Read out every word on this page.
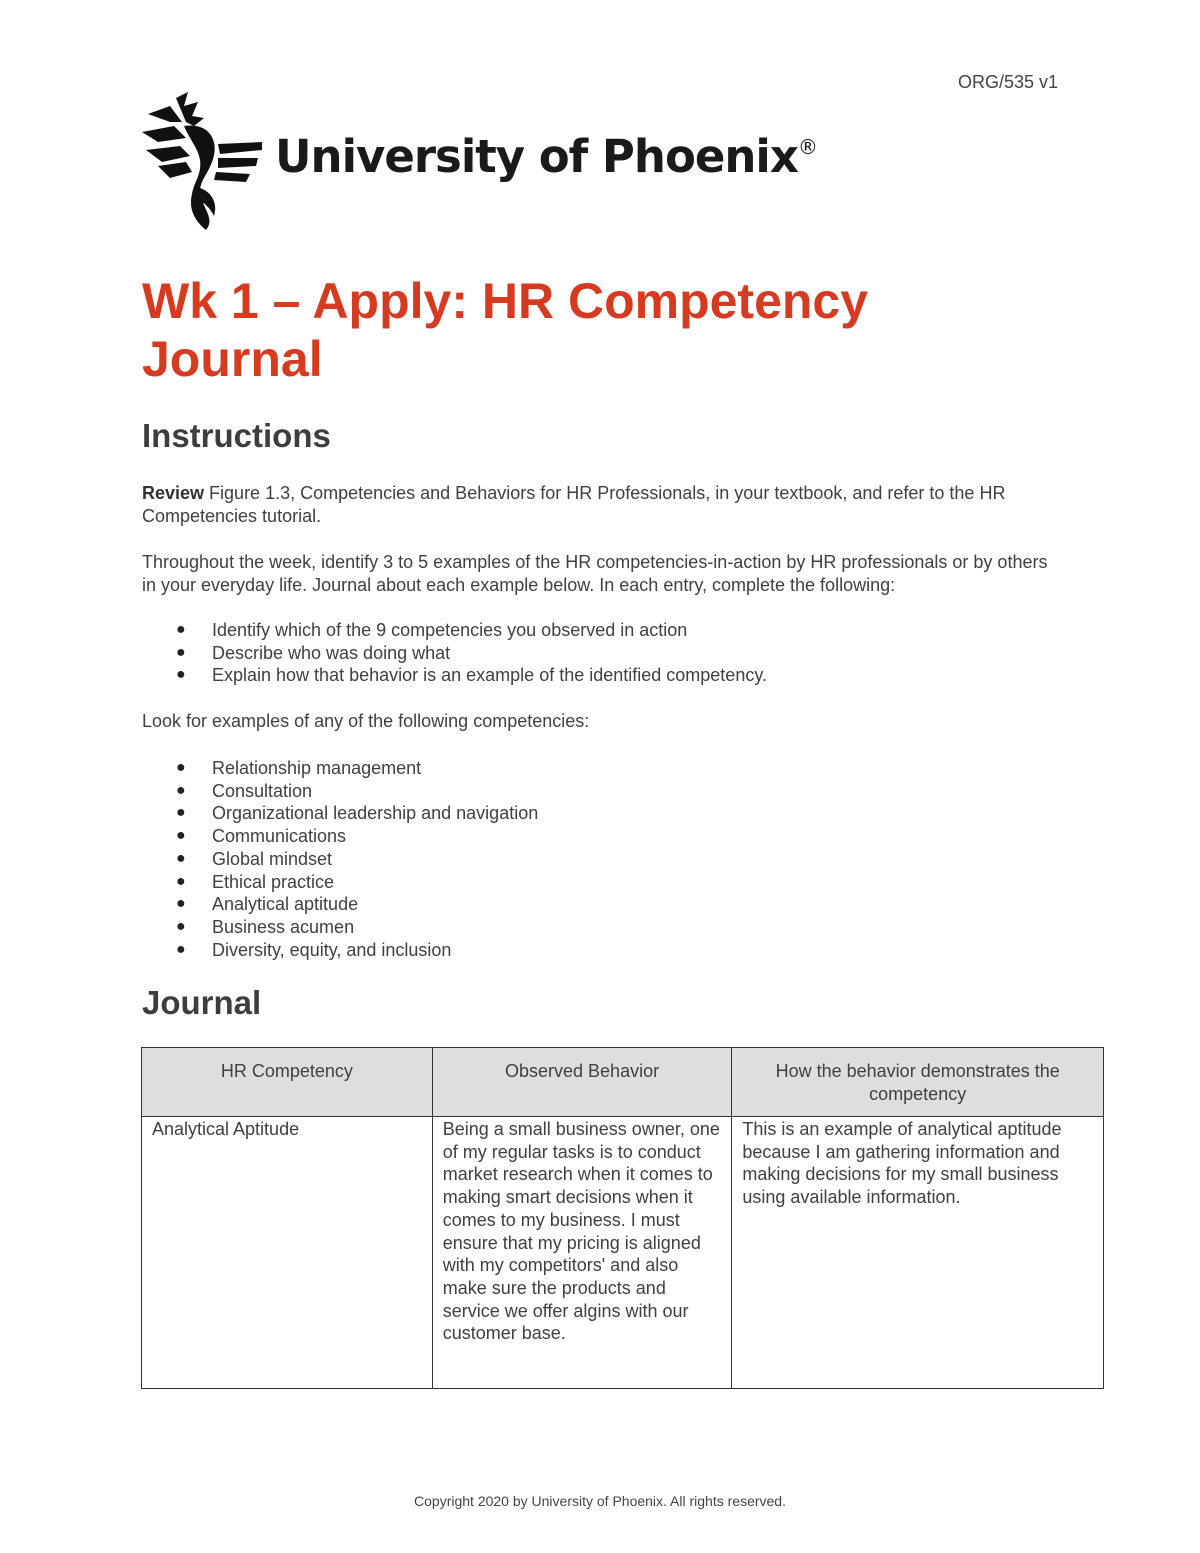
ORG/535 v1
University of Phoenix®
Wk 1 – Apply: HR Competency Journal
Instructions

Review Figure 1.3, Competencies and Behaviors for HR Professionals, in your textbook, and refer to the HR Competencies tutorial.

Throughout the week, identify 3 to 5 examples of the HR competencies-in-action by HR professionals or by others in your everyday life. Journal about each example below. In each entry, complete the following:

● Identify which of the 9 competencies you observed in action
● Describe who was doing what
● Explain how that behavior is an example of the identified competency.

Look for examples of any of the following competencies:

● Relationship management
● Consultation
● Organizational leadership and navigation
● Communications
● Global mindset
● Ethical practice
● Analytical aptitude
● Business acumen
● Diversity, equity, and inclusion
Journal
HR Competency	Observed Behavior	How the behavior demonstrates the competency
Analytical Aptitude	Being a small business owner, one of my regular tasks is to conduct market research when it comes to making smart decisions when it comes to my business. I must ensure that my pricing is aligned with my competitors' and also make sure the products and service we offer algins with our customer base.	This is an example of analytical aptitude because I am gathering information and making decisions for my small business using available information.
Copyright 2020 by University of Phoenix. All rights reserved.
